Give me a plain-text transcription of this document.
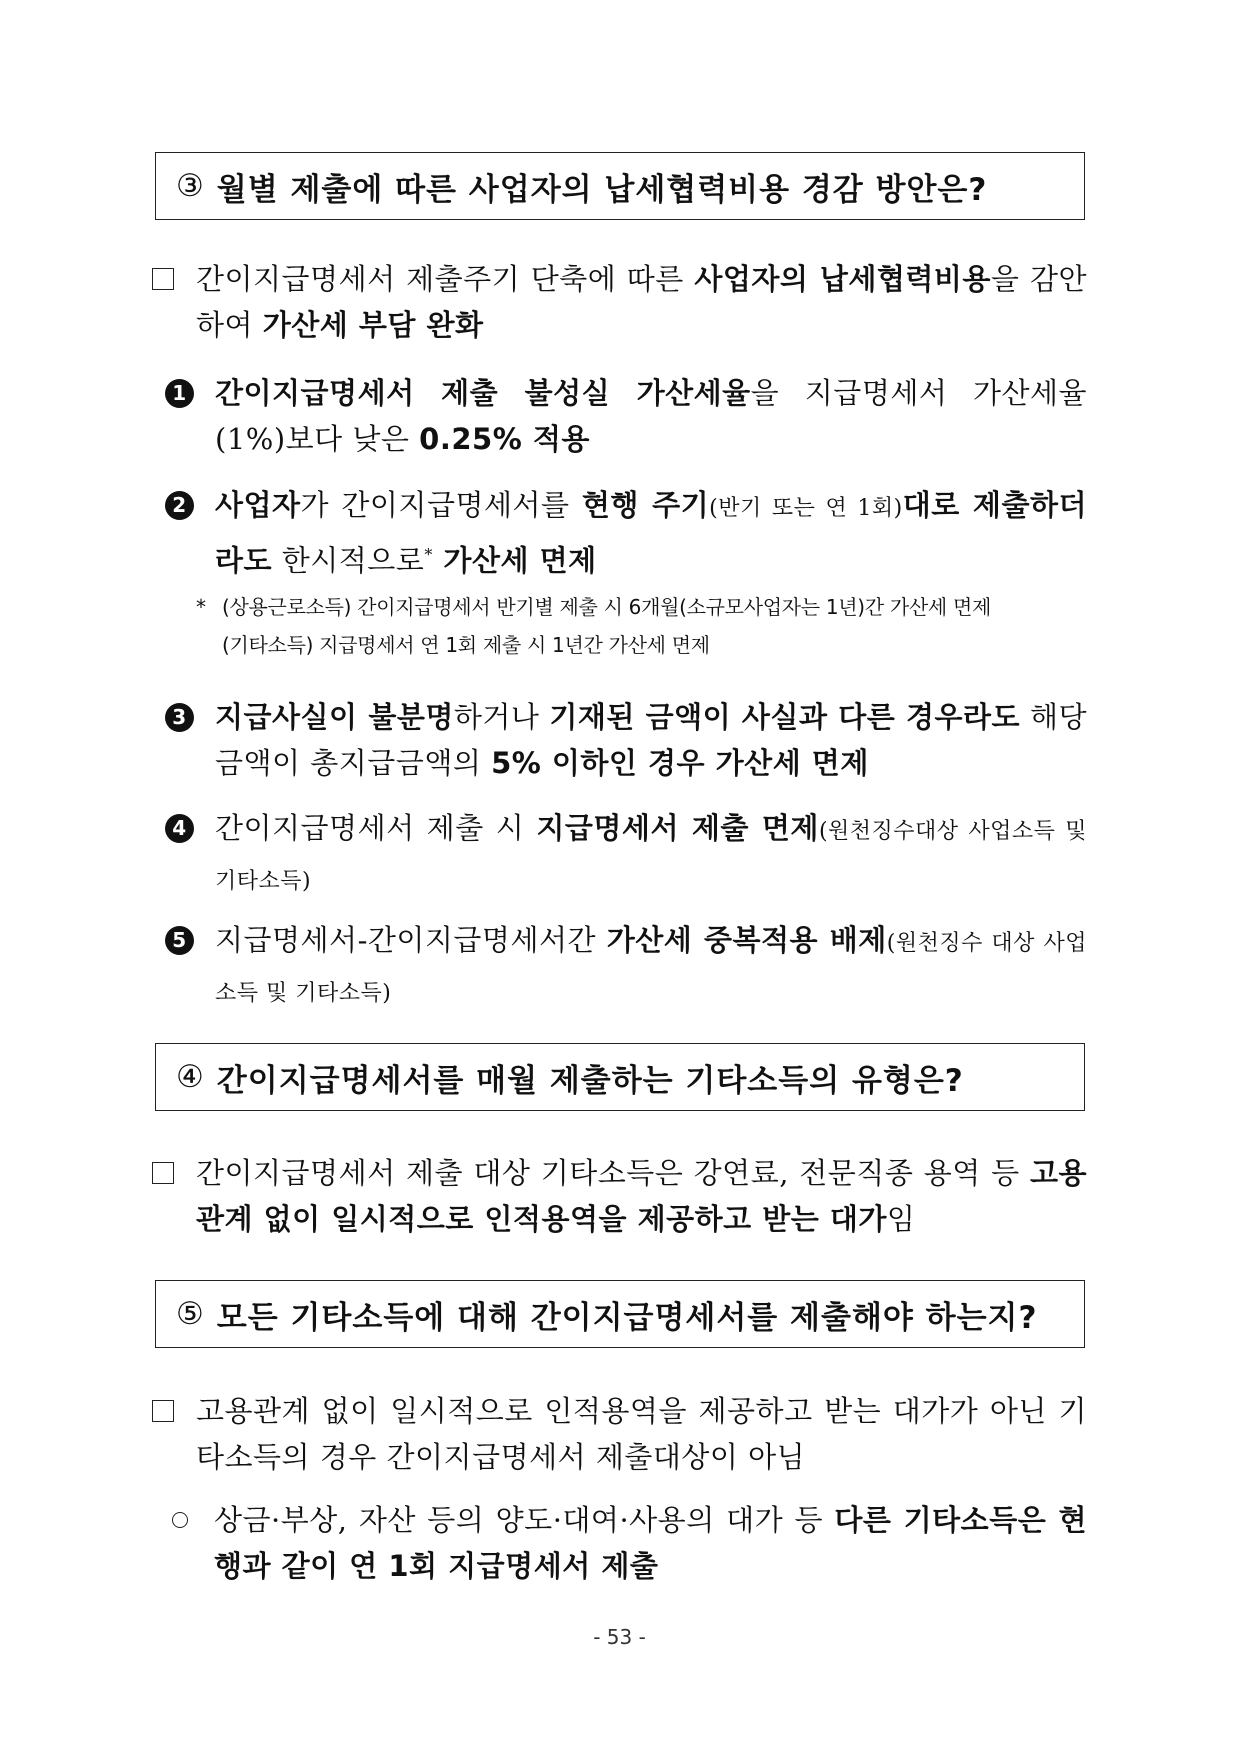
③ 월별 제출에 따른 사업자의 납세협력비용 경감 방안은?
간이지급명세서 제출주기 단축에 따른 사업자의 납세협력비용을 감안하여 가산세 부담 완화
1 간이지급명세서 제출 불성실 가산세율을 지급명세서 가산세율 (1%)보다 낮은 0.25% 적용
2 사업자가 간이지급명세서를 현행 주기(반기 또는 연 1회)대로 제출하더라도 한시적으로* 가산세 면제
* (상용근로소득) 간이지급명세서 반기별 제출 시 6개월(소규모사업자는 1년)간 가산세 면제
(기타소득) 지급명세서 연 1회 제출 시 1년간 가산세 면제
3 지급사실이 불분명하거나 기재된 금액이 사실과 다른 경우라도 해당 금액이 총지급금액의 5% 이하인 경우 가산세 면제
4 간이지급명세서 제출 시 지급명세서 제출 면제(원천징수대상 사업소득 및 기타소득)
5 지급명세서-간이지급명세서간 가산세 중복적용 배제(원천징수 대상 사업소득 및 기타소득)
④ 간이지급명세서를 매월 제출하는 기타소득의 유형은?
간이지급명세서 제출 대상 기타소득은 강연료, 전문직종 용역 등 고용관계 없이 일시적으로 인적용역을 제공하고 받는 대가임
⑤ 모든 기타소득에 대해 간이지급명세서를 제출해야 하는지?
고용관계 없이 일시적으로 인적용역을 제공하고 받는 대가가 아닌 기타소득의 경우 간이지급명세서 제출대상이 아님
상금·부상, 자산 등의 양도·대여·사용의 대가 등 다른 기타소득은 현행과 같이 연 1회 지급명세서 제출
- 53 -
